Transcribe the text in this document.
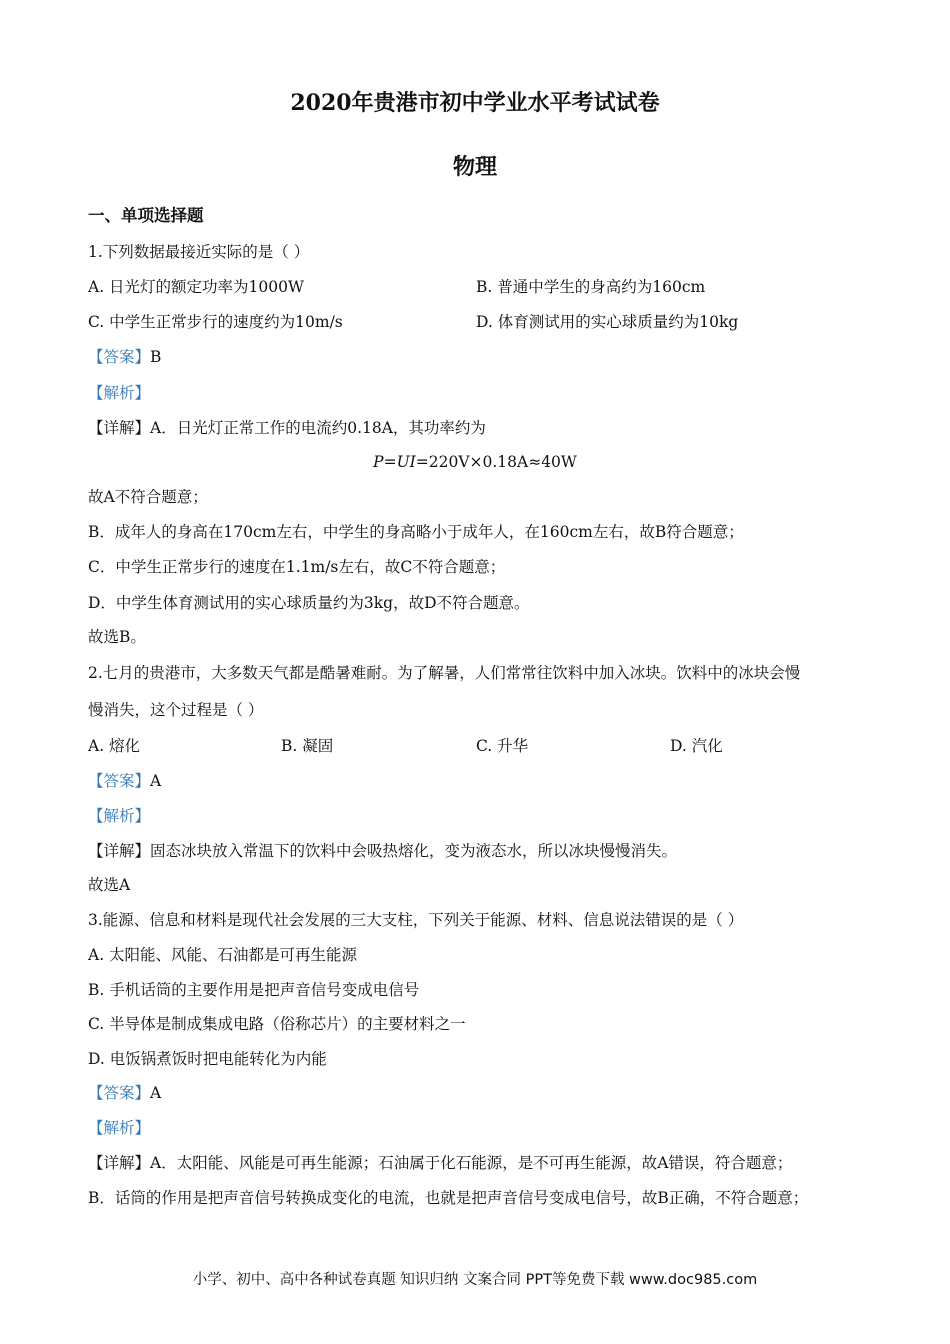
2020年贵港市初中学业水平考试试卷
物理
一、单项选择题
1.下列数据最接近实际的是（ ）
A. 日光灯的额定功率为1000W	B. 普通中学生的身高约为160cm
C. 中学生正常步行的速度约为10m/s	D. 体育测试用的实心球质量约为10kg
【答案】B
【解析】
【详解】A．日光灯正常工作的电流约0.18A，其功率约为
P=UI=220V×0.18A≈40W
故A不符合题意；
B．成年人的身高在170cm左右，中学生的身高略小于成年人，在160cm左右，故B符合题意；
C．中学生正常步行的速度在1.1m/s左右，故C不符合题意；
D．中学生体育测试用的实心球质量约为3kg，故D不符合题意。
故选B。
2.七月的贵港市，大多数天气都是酷暑难耐。为了解暑，人们常常往饮料中加入冰块。饮料中的冰块会慢
慢消失，这个过程是（ ）
A. 熔化	B. 凝固	C. 升华	D. 汽化
【答案】A
【解析】
【详解】固态冰块放入常温下的饮料中会吸热熔化，变为液态水，所以冰块慢慢消失。
故选A
3.能源、信息和材料是现代社会发展的三大支柱，下列关于能源、材料、信息说法错误的是（ ）
A. 太阳能、风能、石油都是可再生能源
B. 手机话筒的主要作用是把声音信号变成电信号
C. 半导体是制成集成电路（俗称芯片）的主要材料之一
D. 电饭锅煮饭时把电能转化为内能
【答案】A
【解析】
【详解】A．太阳能、风能是可再生能源；石油属于化石能源，是不可再生能源，故A错误，符合题意；
B．话筒的作用是把声音信号转换成变化的电流，也就是把声音信号变成电信号，故B正确，不符合题意；
小学、初中、高中各种试卷真题 知识归纳 文案合同 PPT等免费下载 www.doc985.com
